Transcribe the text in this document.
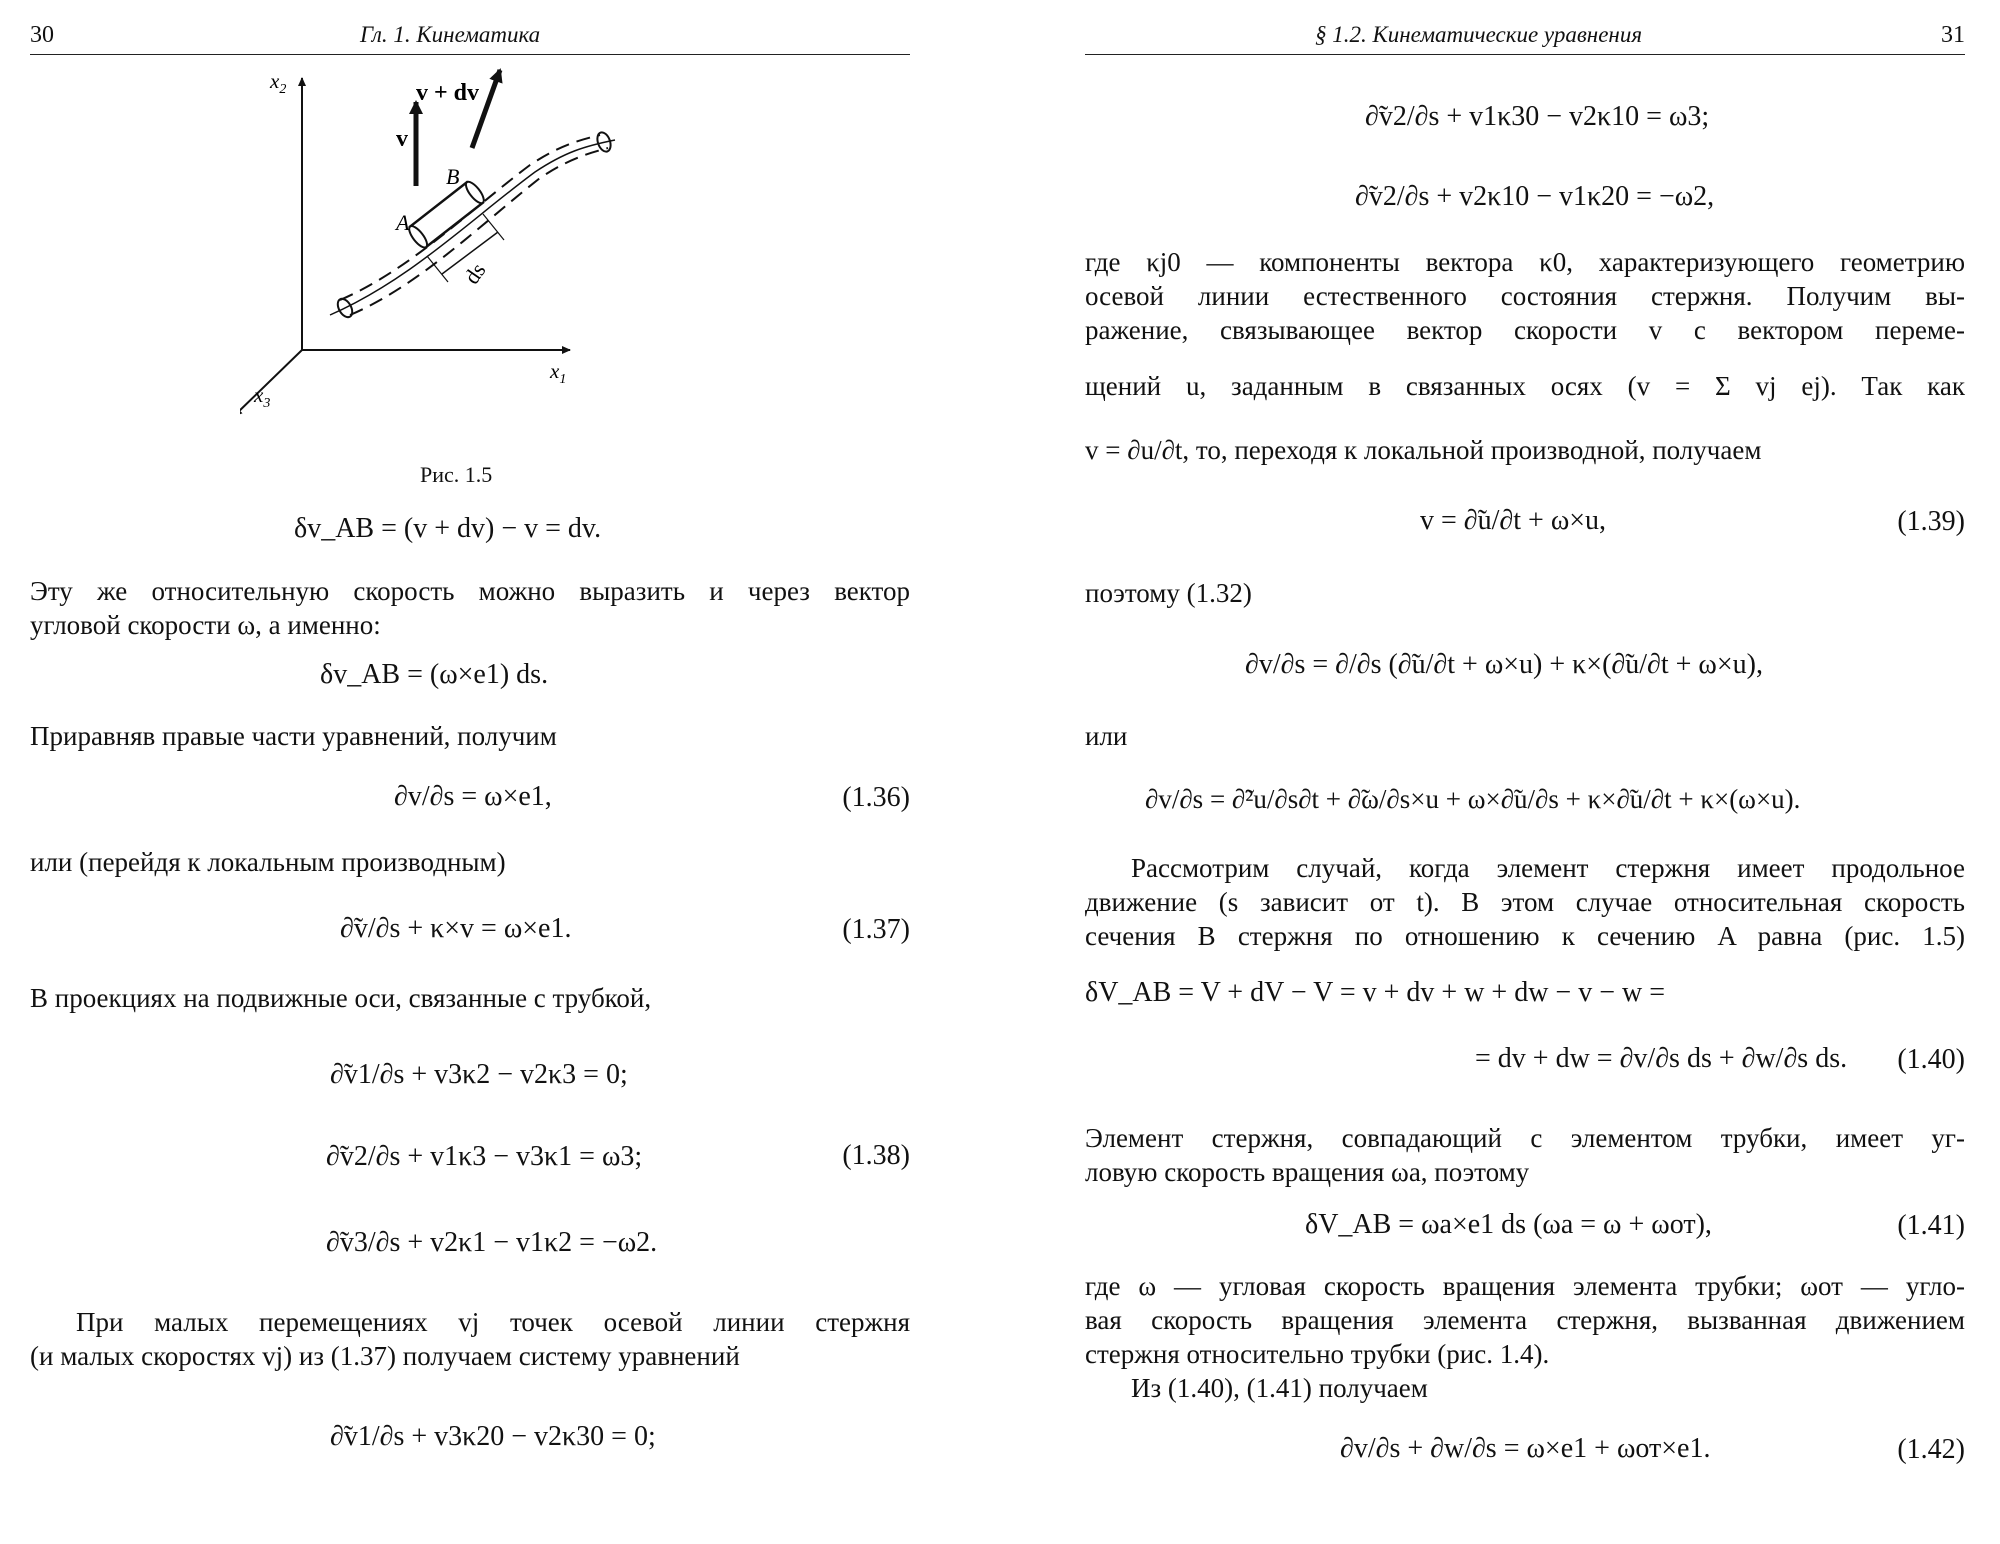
30	Гл. 1. Кинематика
$x_2$
$x_1$
$x_3$
v
v + dv
A
B
ds
Рис. 1.5
δv_AB = (v + dv) − v = dv.
Эту же относительную скорость можно выразить и через вектор
угловой скорости ω, а именно:
δv_AB = (ω×e1) ds.
Приравняв правые части уравнений, получим
∂v/∂s = ω×e1,	(1.36)
или (перейдя к локальным производным)
∂̃v/∂s + κ×v = ω×e1.	(1.37)
В проекциях на подвижные оси, связанные с трубкой,
∂̃v1/∂s + v3κ2 − v2κ3 = 0;
∂̃v2/∂s + v1κ3 − v3κ1 = ω3;	(1.38)
∂̃v3/∂s + v2κ1 − v1κ2 = −ω2.
При малых перемещениях vj точек осевой линии стержня
(и малых скоростях vj) из (1.37) получаем систему уравнений
∂̃v1/∂s + v3κ20 − v2κ30 = 0;
§ 1.2. Кинематические уравнения	31
∂̃v2/∂s + v1κ30 − v2κ10 = ω3;
∂̃v2/∂s + v2κ10 − v1κ20 = −ω2,
где κj0 — компоненты вектора κ0, характеризующего геометрию
осевой линии естественного состояния стержня. Получим вы-
ражение, связывающее вектор скорости v с вектором переме-
щений u, заданным в связанных осях (v = Σ vj ej). Так как
v = ∂u/∂t, то, переходя к локальной производной, получаем
v = ∂̃u/∂t + ω×u,	(1.39)
поэтому (1.32)
∂v/∂s = ∂/∂s (∂̃u/∂t + ω×u) + κ×(∂̃u/∂t + ω×u),
или
∂v/∂s = ∂̃²u/∂s∂t + ∂̃ω/∂s×u + ω×∂̃u/∂s + κ×∂̃u/∂t + κ×(ω×u).
Рассмотрим случай, когда элемент стержня имеет продольное
движение (s зависит от t). В этом случае относительная скорость
сечения B стержня по отношению к сечению A равна (рис. 1.5)
δV_AB = V + dV − V = v + dv + w + dw − v − w =
= dv + dw = ∂v/∂s ds + ∂w/∂s ds. (1.40)
Элемент стержня, совпадающий с элементом трубки, имеет уг-
ловую скорость вращения ωa, поэтому
δV_AB = ωa×e1 ds (ωa = ω + ωот),	(1.41)
где ω — угловая скорость вращения элемента трубки; ωот — угло-
вая скорость вращения элемента стержня, вызванная движением
стержня относительно трубки (рис. 1.4).
Из (1.40), (1.41) получаем
∂v/∂s + ∂w/∂s = ω×e1 + ωот×e1.	(1.42)
